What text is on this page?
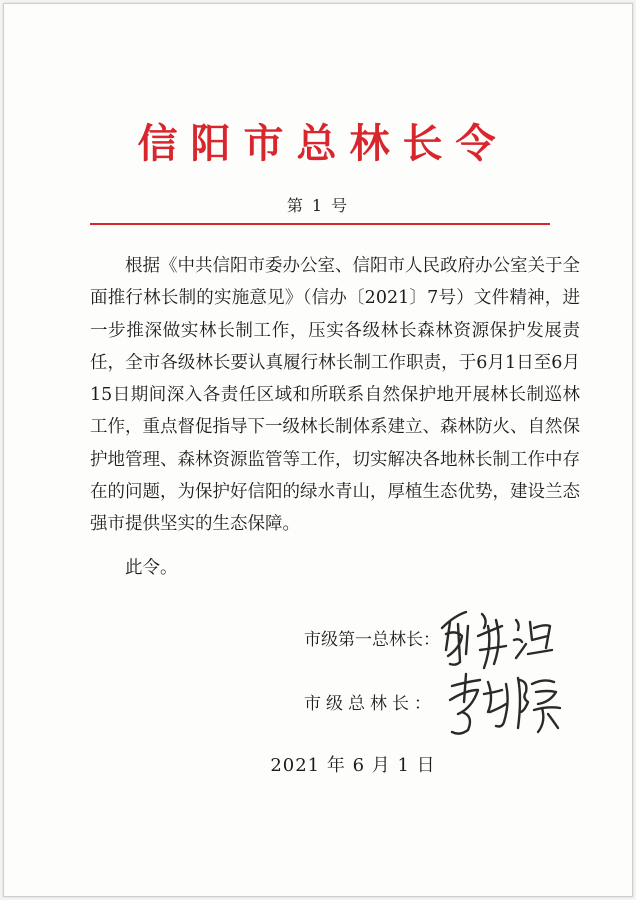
信阳市总林长令
第 1 号

根据《中共信阳市委办公室、信阳市人民政府办公室关于全面推行林长制的实施意见》（信办〔2021〕7号）文件精神，进一步推深做实林长制工作，压实各级林长森林资源保护发展责任，全市各级林长要认真履行林长制工作职责，于6月1日至6月15日期间深入各责任区域和所联系自然保护地开展林长制巡林工作，重点督促指导下一级林长制体系建立、森林防火、自然保护地管理、森林资源监管等工作，切实解决各地林长制工作中存在的问题，为保护好信阳的绿水青山，厚植生态优势，建设兰态强市提供坚实的生态保障。

此令。

市级第一总林长：
市级总林长：
2021 年 6 月 1 日
